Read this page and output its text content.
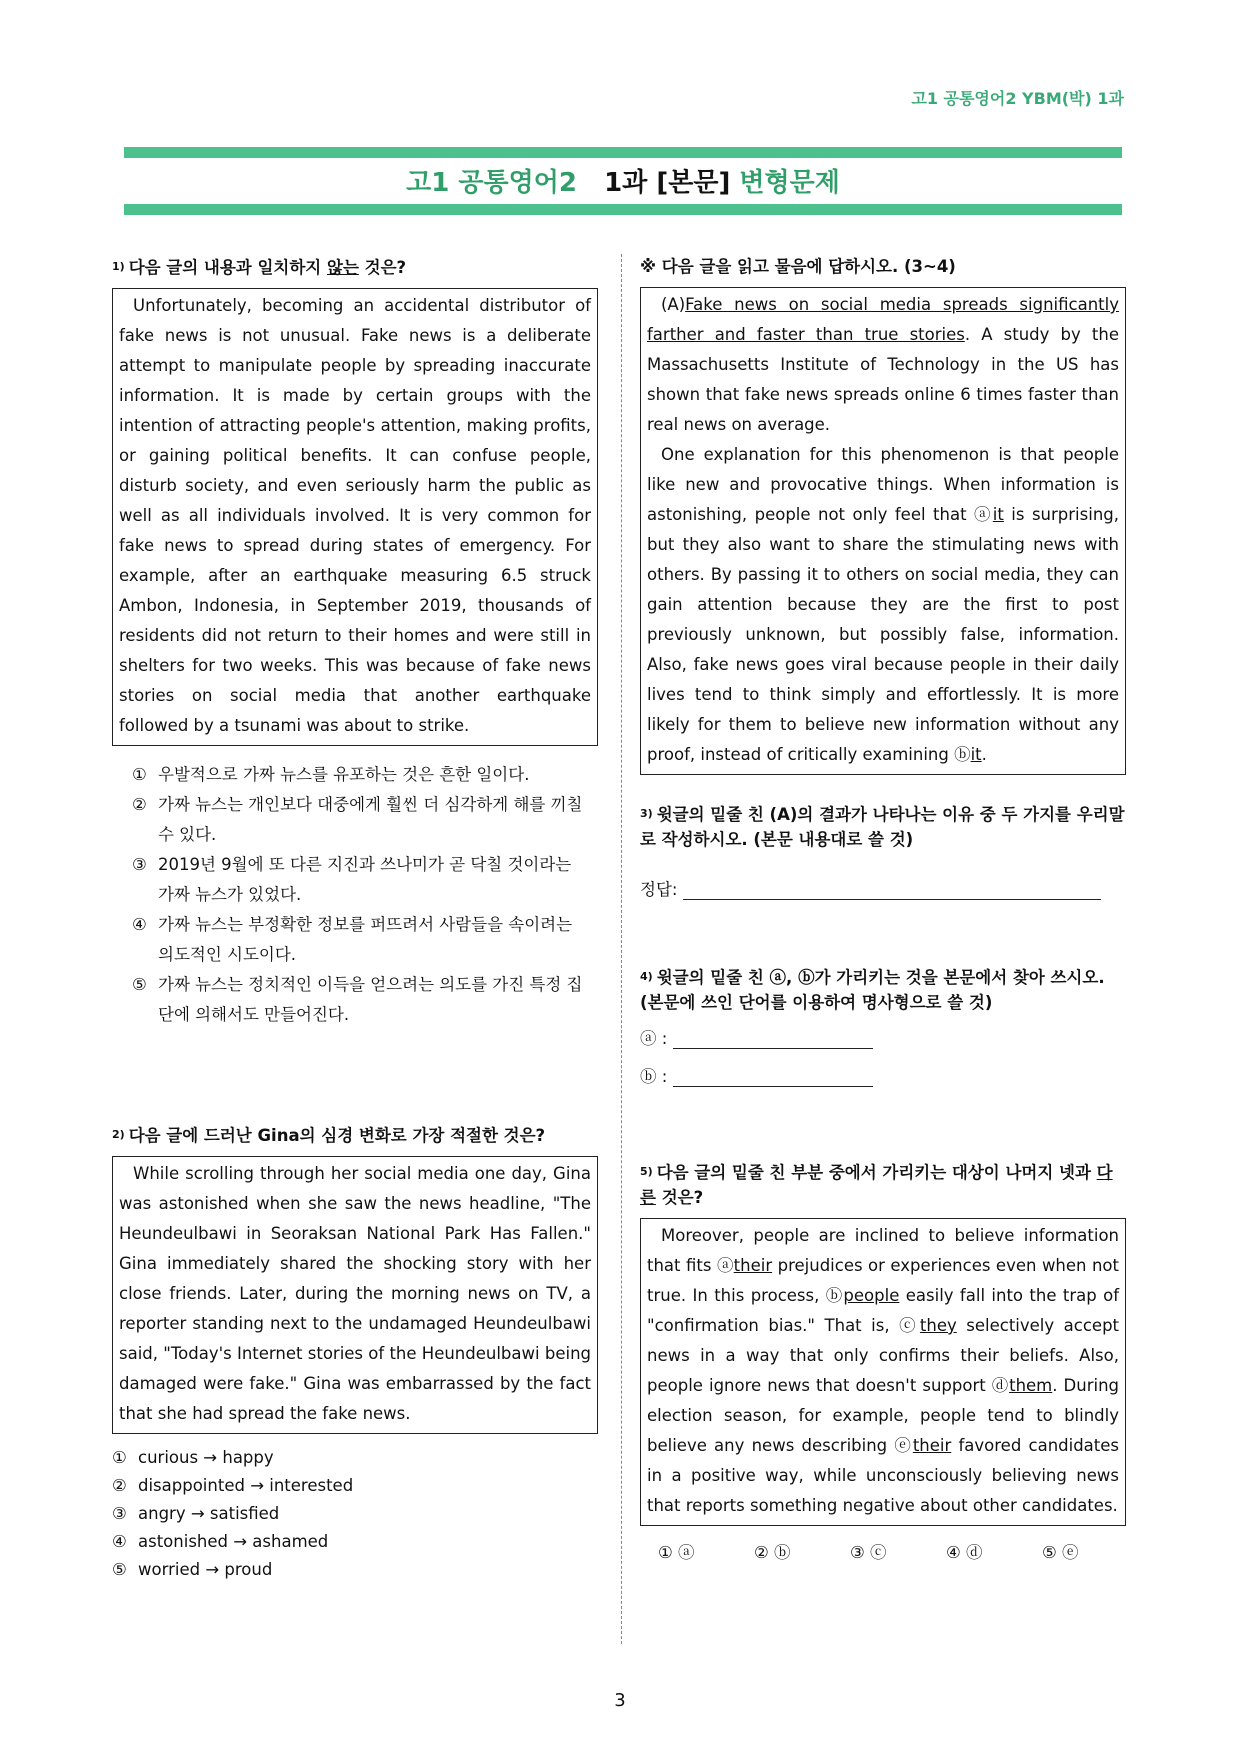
고1 공통영어2 YBM(박) 1과
고1 공통영어2 1과 [본문] 변형문제
1) 다음 글의 내용과 일치하지 않는 것은?

Unfortunately, becoming an accidental distributor of fake news is not unusual. Fake news is a deliberate attempt to manipulate people by spreading inaccurate information. It is made by certain groups with the intention of attracting people's attention, making profits, or gaining political benefits. It can confuse people, disturb society, and even seriously harm the public as well as all individuals involved. It is very common for fake news to spread during states of emergency. For example, after an earthquake measuring 6.5 struck Ambon, Indonesia, in September 2019, thousands of residents did not return to their homes and were still in shelters for two weeks. This was because of fake news stories on social media that another earthquake followed by a tsunami was about to strike.

① 우발적으로 가짜 뉴스를 유포하는 것은 흔한 일이다.
② 가짜 뉴스는 개인보다 대중에게 훨씬 더 심각하게 해를 끼칠 수 있다.
③ 2019년 9월에 또 다른 지진과 쓰나미가 곧 닥칠 것이라는 가짜 뉴스가 있었다.
④ 가짜 뉴스는 부정확한 정보를 퍼뜨려서 사람들을 속이려는 의도적인 시도이다.
⑤ 가짜 뉴스는 정치적인 이득을 얻으려는 의도를 가진 특정 집단에 의해서도 만들어진다.
2) 다음 글에 드러난 Gina의 심경 변화로 가장 적절한 것은?

While scrolling through her social media one day, Gina was astonished when she saw the news headline, "The Heundeulbawi in Seoraksan National Park Has Fallen." Gina immediately shared the shocking story with her close friends. Later, during the morning news on TV, a reporter standing next to the undamaged Heundeulbawi said, "Today's Internet stories of the Heundeulbawi being damaged were fake." Gina was embarrassed by the fact that she had spread the fake news.

① curious → happy
② disappointed → interested
③ angry → satisfied
④ astonished → ashamed
⑤ worried → proud
※ 다음 글을 읽고 물음에 답하시오. (3~4)

(A)Fake news on social media spreads significantly farther and faster than true stories. A study by the Massachusetts Institute of Technology in the US has shown that fake news spreads online 6 times faster than real news on average.

One explanation for this phenomenon is that people like new and provocative things. When information is astonishing, people not only feel that ⓐit is surprising, but they also want to share the stimulating news with others. By passing it to others on social media, they can gain attention because they are the first to post previously unknown, but possibly false, information. Also, fake news goes viral because people in their daily lives tend to think simply and effortlessly. It is more likely for them to believe new information without any proof, instead of critically examining ⓑit.

3) 윗글의 밑줄 친 (A)의 결과가 나타나는 이유 중 두 가지를 우리말로 작성하시오. (본문 내용대로 쓸 것)
정답:
4) 윗글의 밑줄 친 ⓐ, ⓑ가 가리키는 것을 본문에서 찾아 쓰시오. (본문에 쓰인 단어를 이용하여 명사형으로 쓸 것)
ⓐ :
ⓑ :
5) 다음 글의 밑줄 친 부분 중에서 가리키는 대상이 나머지 넷과 다른 것은?

Moreover, people are inclined to believe information that fits ⓐtheir prejudices or experiences even when not true. In this process, ⓑpeople easily fall into the trap of "confirmation bias." That is, ⓒthey selectively accept news in a way that only confirms their beliefs. Also, people ignore news that doesn't support ⓓthem. During election season, for example, people tend to blindly believe any news describing ⓔtheir favored candidates in a positive way, while unconsciously believing news that reports something negative about other candidates.

① ⓐ	② ⓑ	③ ⓒ	④ ⓓ	⑤ ⓔ
3
